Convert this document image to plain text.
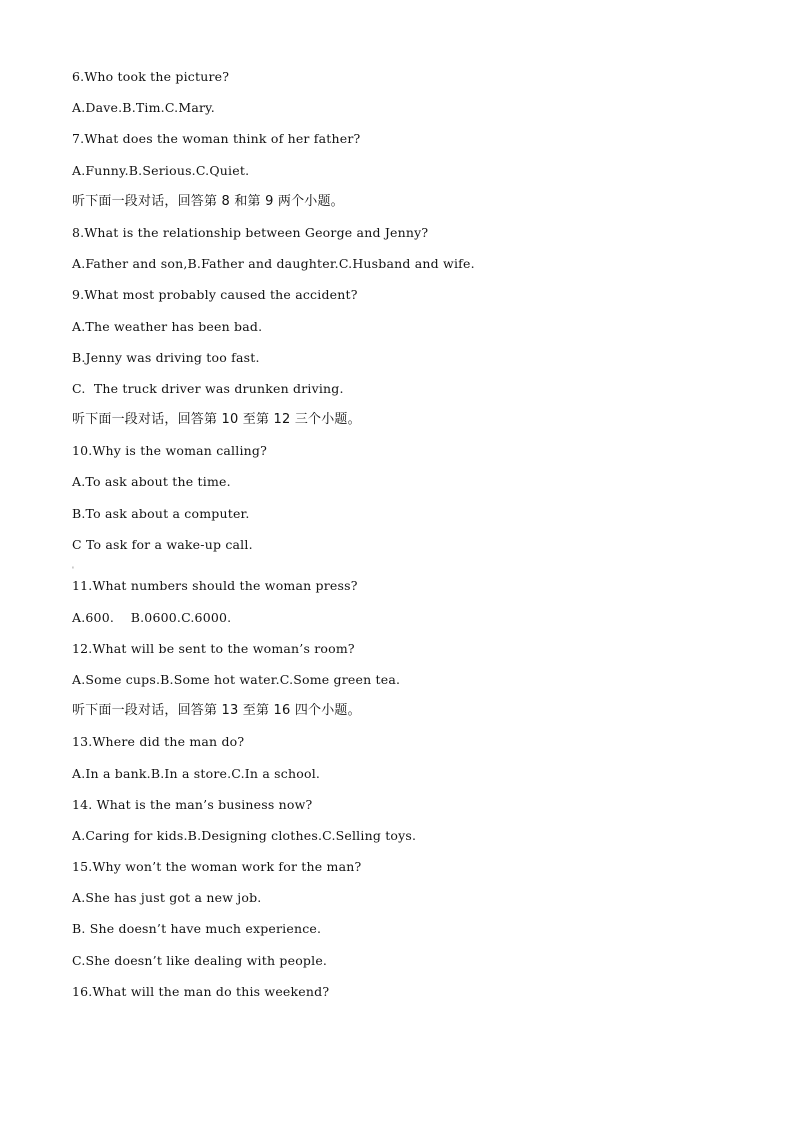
6.Who took the picture?
A.Dave.B.Tim.C.Mary.
7.What does the woman think of her father?
A.Funny.B.Serious.C.Quiet.
听下面一段对话，回答第 8 和第 9 两个小题。
8.What is the relationship between George and Jenny?
A.Father and son,B.Father and daughter.C.Husband and wife.
9.What most probably caused the accident?
A.The weather has been bad.
B.Jenny was driving too fast.
C.  The truck driver was drunken driving.
听下面一段对话，回答第 10 至第 12 三个小题。
10.Why is the woman calling?
A.To ask about the time.
B.To ask about a computer.
C To ask for a wake-up call.
'
11.What numbers should the woman press?
A.600.    B.0600.C.6000.
12.What will be sent to the woman’s room?
A.Some cups.B.Some hot water.C.Some green tea.
听下面一段对话，回答第 13 至第 16 四个小题。
13.Where did the man do?
A.In a bank.B.In a store.C.In a school.
14. What is the man’s business now?
A.Caring for kids.B.Designing clothes.C.Selling toys.
15.Why won’t the woman work for the man?
A.She has just got a new job.
B. She doesn’t have much experience.
C.She doesn’t like dealing with people.
16.What will the man do this weekend?
